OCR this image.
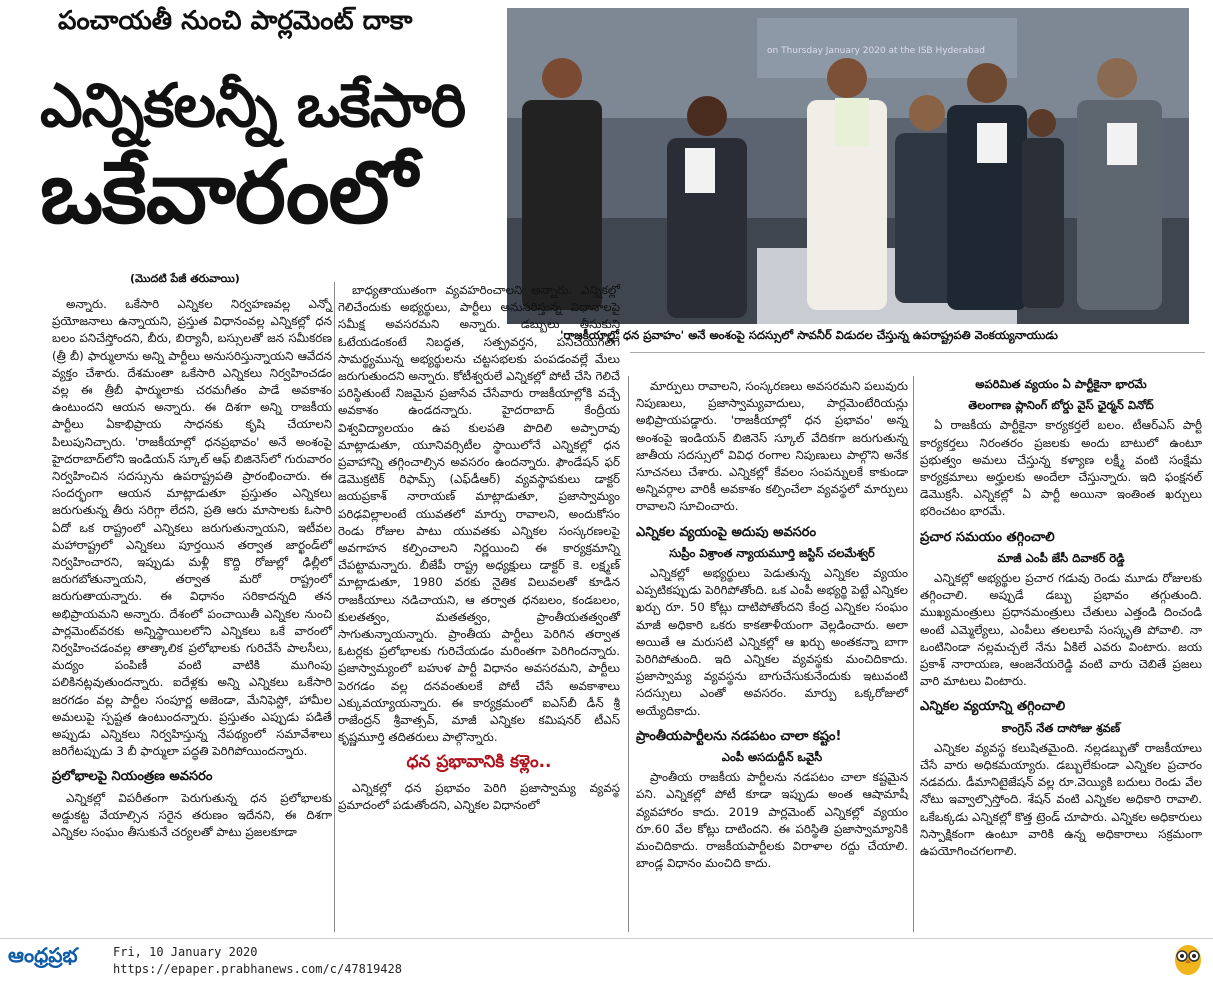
పంచాయతీ నుంచి పార్లమెంట్ దాకా
ఎన్నికలన్నీ ఒకేసారి
ఒకేవారంలో
on Thursday January 2020 at the ISB Hyderabad
'రాజకీయాల్లో ధన ప్రవాహం' అనే అంశంపై సదస్సులో సావనీర్ విడుదల చేస్తున్న ఉపరాష్ట్రపతి వెంకయ్యనాయుడు
(మొదటి పేజీ తరువాయి)

అన్నారు. ఒకేసారి ఎన్నికల నిర్వహణవల్ల ఎన్నో ప్రయోజనాలు ఉన్నాయని, ప్రస్తుత విధానంవల్ల ఎన్నికల్లో ధన బలం పనిచేస్తోందని, బీరు, బిర్యానీ, బస్సులతో జన సమీకరణ (త్రీ బీ) ఫార్ములాను అన్ని పార్టీలు అనుసరిస్తున్నాయని ఆవేదన వ్యక్తం చేశారు. దేశమంతా ఒకేసారి ఎన్నికలు నిర్వహించడం వల్ల ఈ త్రీబీ ఫార్ములాకు చరమగీతం పాడే అవకాశం ఉంటుందని ఆయన అన్నారు. ఈ దిశగా అన్ని రాజకీయ పార్టీలు ఏకాభిప్రాయ సాధనకు కృషి చేయాలని పిలుపునిచ్చారు. 'రాజకీయాల్లో ధనప్రభావం' అనే అంశంపై హైదరాబాద్‌లోని ఇండియన్ స్కూల్ ఆఫ్ బిజినెస్‌లో గురువారం నిర్వహించిన సదస్సును ఉపరాష్ట్రపతి ప్రారంభించారు. ఈ సందర్భంగా ఆయన మాట్లాడుతూ ప్రస్తుతం ఎన్నికలు జరుగుతున్న తీరు సరిగ్గా లేదని, ప్రతి ఆరు మాసాలకు ఓసారి ఏదో ఒక రాష్ట్రంలో ఎన్నికలు జరుగుతున్నాయని, ఇటీవల మహారాష్ట్రలో ఎన్నికలు పూర్తయిన తర్వాత జార్ఖండ్‌లో నిర్వహించారని, ఇప్పుడు మళ్లీ కొద్ది రోజుల్లో ఢిల్లీలో జరుగబోతున్నాయని, తర్వాత మరో రాష్ట్రంలో జరుగుతాయన్నారు. ఈ విధానం సరికాదన్నది తన అభిప్రాయమని అన్నారు. దేశంలో పంచాయితీ ఎన్నికల నుంచి పార్లమెంట్‌వరకు అన్నిస్థాయిలలోని ఎన్నికలు ఒకే వారంలో నిర్వహించడంవల్ల తాత్కాలిక ప్రలోభాలకు గురిచేసే పాలసీలు, మద్యం పంపిణీ వంటి వాటికి ముగింపు పలికినట్లవుతుందన్నారు. ఐదేళ్లకు అన్ని ఎన్నికలు ఒకేసారి జరగడం వల్ల పార్టీల సంపూర్ణ అజెండా, మేనిఫెస్టో, హామీల అమలుపై స్పష్టత ఉంటుందన్నారు. ప్రస్తుతం ఎప్పుడు పడితే అప్పుడు ఎన్నికలు నిర్వహిస్తున్న నేపథ్యంలో సమావేశాలు జరిగేటప్పుడు 3 బీ ఫార్ములా పద్ధతి పెరిగిపోయిందన్నారు.

ప్రలోభాలపై నియంత్రణ అవసరం

ఎన్నికల్లో విపరీతంగా పెరుగుతున్న ధన ప్రలోభాలకు అడ్డుకట్ట వేయాల్సిన సరైన తరుణం ఇదేనని, ఈ దిశగా ఎన్నికల సంఘం తీసుకునే చర్యలతో పాటు ప్రజలకూడా

బాధ్యతాయుతంగా వ్యవహరించాలని అన్నారు. ఎన్నికల్లో గెలిచేందుకు అభ్యర్థులు, పార్టీలు అనుసరిస్తున్న విధానాలపై సమీక్ష అవసరమని అన్నారు. డబ్బులు తీసుకుని ఓటేయడంకంటే నిబద్ధత, సత్ప్రవర్తన, పనిచేయగలిగే సామర్థ్యమున్న అభ్యర్థులను చట్టసభలకు పంపడంవల్లే మేలు జరుగుతుందని అన్నారు. కోటీశ్వరులే ఎన్నికల్లో పోటీ చేసి గెలిచే పరిస్థితుంటే నిజమైన ప్రజాసేవ చేసేవారు రాజకీయాల్లోకి వచ్చే అవకాశం ఉండదన్నారు. హైదరాబాద్ కేంద్రీయ విశ్వవిద్యాలయం ఉప కులపతి పొదిలి అప్పారావు మాట్లాడుతూ, యూనివర్సిటీల స్థాయిలోనే ఎన్నికల్లో ధన ప్రవాహాన్ని తగ్గించాల్సిన అవసరం ఉందన్నారు. ఫౌండేషన్ ఫర్ డెమొక్రటిక్ రిఫామ్స్ (ఎఫ్‌డీఆర్) వ్యవస్థాపకులు డాక్టర్ జయప్రకాశ్ నారాయణ్ మాట్లాడుతూ, ప్రజాస్వామ్యం పరిఢవిల్లాలంటే యువతలో మార్పు రావాలని, అందుకోసం రెండు రోజుల పాటు యువతకు ఎన్నికల సంస్కరణలపై అవగాహన కల్పించాలని నిర్ణయించి ఈ కార్యక్రమాన్ని చేపట్టామన్నారు. బీజేపీ రాష్ట్ర అధ్యక్షులు డాక్టర్ కె. లక్ష్మణ్ మాట్లాడుతూ, 1980 వరకు నైతిక విలువలతో కూడిన రాజకీయాలు నడిచాయని, ఆ తర్వాత ధనబలం, కండబలం, కులతత్వం, మతతత్వం, ప్రాంతీయతత్వంతో సాగుతున్నాయన్నారు. ప్రాంతీయ పార్టీలు పెరిగిన తర్వాత ఓటర్లకు ప్రలోభాలకు గురిచేయడం మరింతగా పెరిగిందన్నారు. ప్రజాస్వామ్యంలో బహుళ పార్టీ విధానం అవసరమని, పార్టీలు పెరగడం వల్ల దనవంతులకే పోటీ చేసే అవకాశాలు ఎక్కువయ్యాయన్నారు. ఈ కార్యక్రమంలో ఐఎస్‌బీ డీన్ శ్రీ రాజేంద్రన్ శ్రీవాత్సవ్, మాజీ ఎన్నికల కమిషనర్ టీఎస్ కృష్ణమూర్తి తదితరులు పాల్గొన్నారు.

ధన ప్రభావానికి కళ్లెం..

ఎన్నికల్లో ధన ప్రభావం పెరిగి ప్రజాస్వామ్య వ్యవస్థ ప్రమాదంలో పడుతోందని, ఎన్నికల విధానంలో

మార్పులు రావాలని, సంస్కరణలు అవసరమని పలువురు నిపుణులు, ప్రజాస్వామ్యవాదులు, పార్లమెంటేరియన్లు అభిప్రాయపడ్డారు. 'రాజకీయాల్లో ధన ప్రభావం' అన్న అంశంపై ఇండియన్ బిజినెస్ స్కూల్ వేదికగా జరుగుతున్న జాతీయ సదస్సులో వివిధ రంగాల నిపుణులు పాల్గొని అనేక సూచనలు చేశారు. ఎన్నికల్లో కేవలం సంపన్నులకే కాకుండా అన్నివర్గాల వారికీ అవకాశం కల్పించేలా వ్యవస్థలో మార్పులు రావాలని సూచించారు.

ఎన్నికల వ్యయంపై అదుపు అవసరం
సుప్రీం విశ్రాంత న్యాయమూర్తి జస్టిస్ చలమేశ్వర్

ఎన్నికల్లో అభ్యర్థులు పెడుతున్న ఎన్నికల వ్యయం ఎప్పటికప్పుడు పెరిగిపోతోంది. ఒక ఎంపీ అభ్యర్థి పెట్టే ఎన్నికల ఖర్చు రూ. 50 కోట్లు దాటిపోతోందని కేంద్ర ఎన్నికల సంఘం మాజీ అధికారి ఒకరు కాకతాళీయంగా వెల్లడించారు. అలా అయితే ఆ మరుసటి ఎన్నికల్లో ఆ ఖర్చు అంతకన్నా బాగా పెరిగిపోతుంది. ఇది ఎన్నికల వ్యవస్థకు మంచిదికాదు. ప్రజాస్వామ్య వ్యవస్థను బాగుచేసుకునేందుకు ఇటువంటి సదస్సులు ఎంతో అవసరం. మార్పు ఒక్కరోజులో అయ్యేదికాదు.

ప్రాంతీయపార్టీలను నడపటం చాలా కష్టం!
ఎంపీ అసదుద్దీన్ ఒవైసీ

ప్రాంతీయ రాజకీయ పార్టీలను నడపటం చాలా కష్టమైన పని. ఎన్నికల్లో పోటీ కూడా ఇప్పుడు అంత ఆషామాషీ వ్యవహారం కాదు. 2019 పార్లమెంట్ ఎన్నికల్లో వ్యయం రూ.60 వేల కోట్లు దాటిందని. ఈ పరిస్థితి ప్రజాస్వామ్యానికి మంచిదికాదు. రాజకీయపార్టీలకు విరాళాల రద్దు చేయాలి. బాండ్ల విధానం మంచిది కాదు.

అపరిమిత వ్యయం ఏ పార్టీకైనా భారమే
తెలంగాణ ప్లానింగ్ బోర్డు వైస్ ఛైర్మన్ వినోద్

ఏ రాజకీయ పార్టీకైనా కార్యకర్తలే బలం. టీఆర్ఎస్ పార్టీ కార్యకర్తలు నిరంతరం ప్రజలకు అందు బాటులో ఉంటూ ప్రభుత్వం అమలు చేస్తున్న కళ్యాణ లక్ష్మీ వంటి సంక్షేమ కార్యక్రమాలు అర్హులకు అందేలా చేస్తున్నారు. ఇది ఫంక్షనల్ డెమొక్రసీ. ఎన్నికల్లో ఏ పార్టీ అయినా ఇంతింత ఖర్చులు భరించటం భారమే.

ప్రచార సమయం తగ్గించాలి
మాజీ ఎంపీ జేసీ దివాకర్ రెడ్డి

ఎన్నికల్లో అభ్యర్థుల ప్రచార గడువు రెండు మూడు రోజులకు తగ్గించాలి. అప్పుడే డబ్బు ప్రభావం తగ్గుతుంది. ముఖ్యమంత్రులు ప్రధానమంత్రులు చేతులు ఎత్తండి దించండి అంటే ఎమ్మెల్యేలు, ఎంపీలు తలలూపే సంస్కృతి పోవాలి. నా ఒంటినిండా నల్లమచ్చలే నేను ఏకిలే ఎవరు వింటారు. జయ ప్రకాశ్ నారాయణ, ఆంజనేయరెడ్డి వంటి వారు చెబితే ప్రజలు వారి మాటలు వింటారు.

ఎన్నికల వ్యయాన్ని తగ్గించాలి
కాంగ్రెస్ నేత దాసోజు శ్రవణ్

ఎన్నికల వ్యవస్థ కలుషితమైంది. నల్లడబ్బుతో రాజకీయాలు చేసే వారు అధికమయ్యారు. డబ్బులేకుండా ఎన్నికల ప్రచారం నడవదు. డీమానిటైజేషన్ వల్ల రూ.వెయ్యికి బదులు రెండు వేల నోటు ఇవ్వాల్సొస్తోంది. శేషన్ వంటి ఎన్నికల అధికారి రావాలి. ఒకేఒక్కడు ఎన్నికల్లో కొత్త ట్రెండ్ చూపారు. ఎన్నికల అధికారులు నిస్పాక్షికంగా ఉంటూ వారికి ఉన్న అధికారాలు సక్రమంగా ఉపయోగించగలగాలి.

ఆంధ్రప్రభ	Fri, 10 January 2020
https://epaper.prabhanews.com/c/47819428
